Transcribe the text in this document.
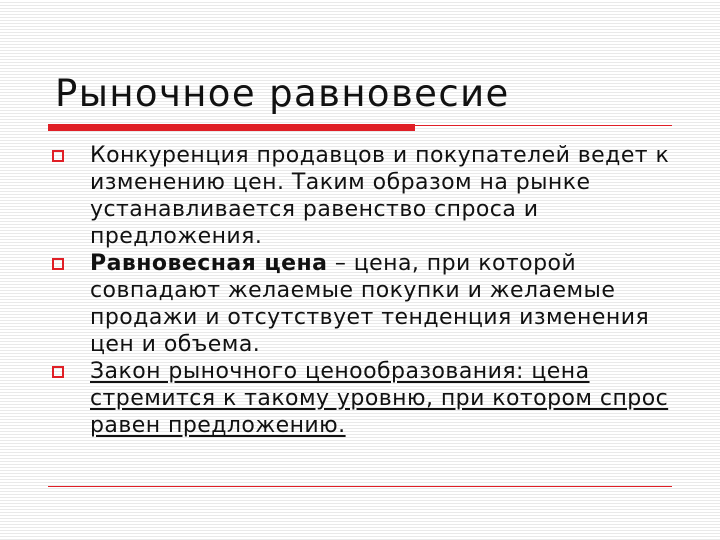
Рыночное равновесие
Конкуренция продавцов и покупателей ведет к изменению цен. Таким образом на рынке устанавливается равенство спроса и предложения.
Равновесная цена – цена, при которой совпадают желаемые покупки и желаемые продажи и отсутствует тенденция изменения цен и объема.
Закон рыночного ценообразования: цена стремится к такому уровню, при котором спрос равен предложению.
